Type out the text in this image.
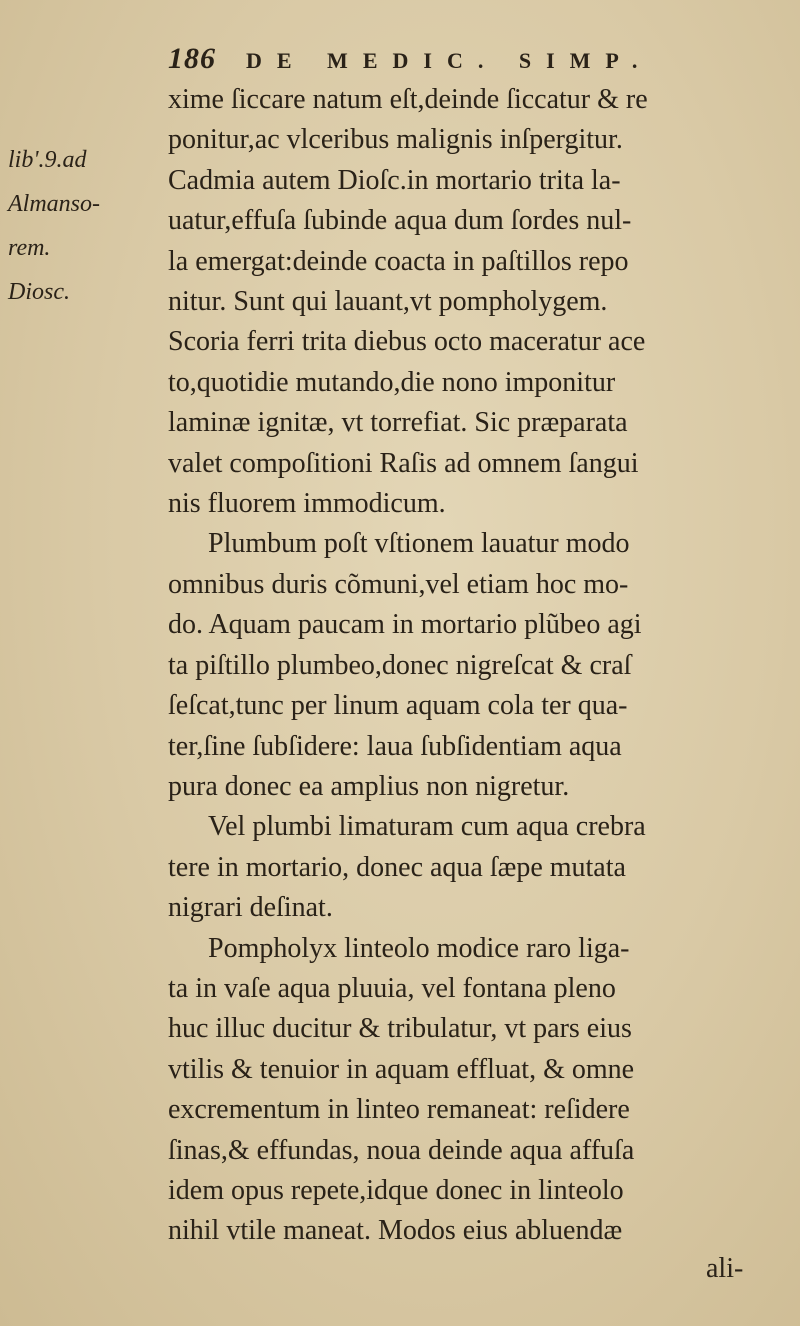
186 DE MEDIC. SIMP.
lib'.9.ad
Almanso-
rem.
Diosc.
xime ſiccare natum eſt,deinde ſiccatur & re
ponitur,ac vlceribus malignis inſpergitur.
Cadmia autem Dioſc.in mortario trita la-
uatur,effuſa ſubinde aqua dum ſordes nul-
la emergat:deinde coacta in paſtillos repo
nitur. Sunt qui lauant,vt pompholygem.
Scoria ferri trita diebus octo maceratur ace
to,quotidie mutando,die nono imponitur
laminæ ignitæ, vt torrefiat. Sic præparata
valet compoſitioni Raſis ad omnem ſangui
nis fluorem immodicum.
Plumbum poſt vſtionem lauatur modo
omnibus duris cõmuni,vel etiam hoc mo-
do. Aquam paucam in mortario plũbeo agi
ta piſtillo plumbeo,donec nigreſcat & craſ
ſeſcat,tunc per linum aquam cola ter qua-
ter,ſine ſubſidere: laua ſubſidentiam aqua
pura donec ea amplius non nigretur.
Vel plumbi limaturam cum aqua crebra
tere in mortario, donec aqua ſæpe mutata
nigrari deſinat.
Pompholyx linteolo modice raro liga-
ta in vaſe aqua pluuia, vel fontana pleno
huc illuc ducitur & tribulatur, vt pars eius
vtilis & tenuior in aquam effluat, & omne
excrementum in linteo remaneat: reſidere
ſinas,& effundas, noua deinde aqua affuſa
idem opus repete,idque donec in linteolo
nihil vtile maneat. Modos eius abluendæ
ali-
